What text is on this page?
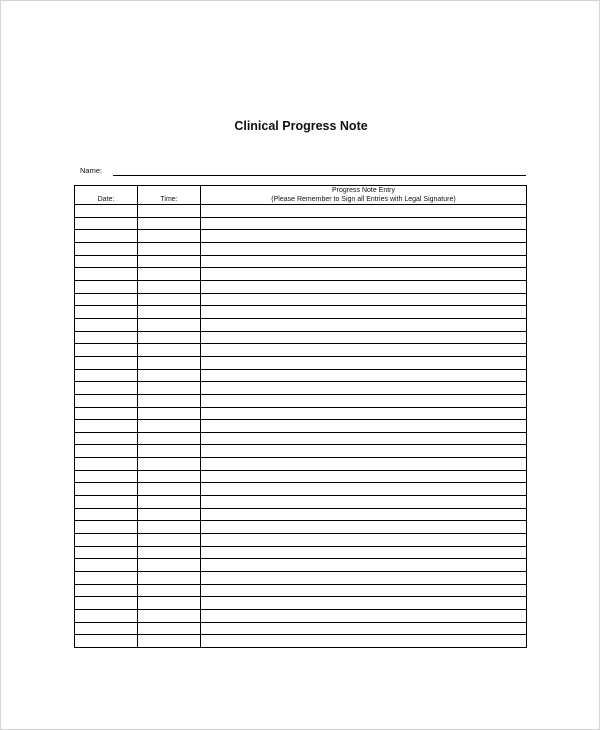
Clinical Progress Note
Name:
Date:	Time:	Progress Note Entry
(Please Remember to Sign all Entries with Legal Signature)
